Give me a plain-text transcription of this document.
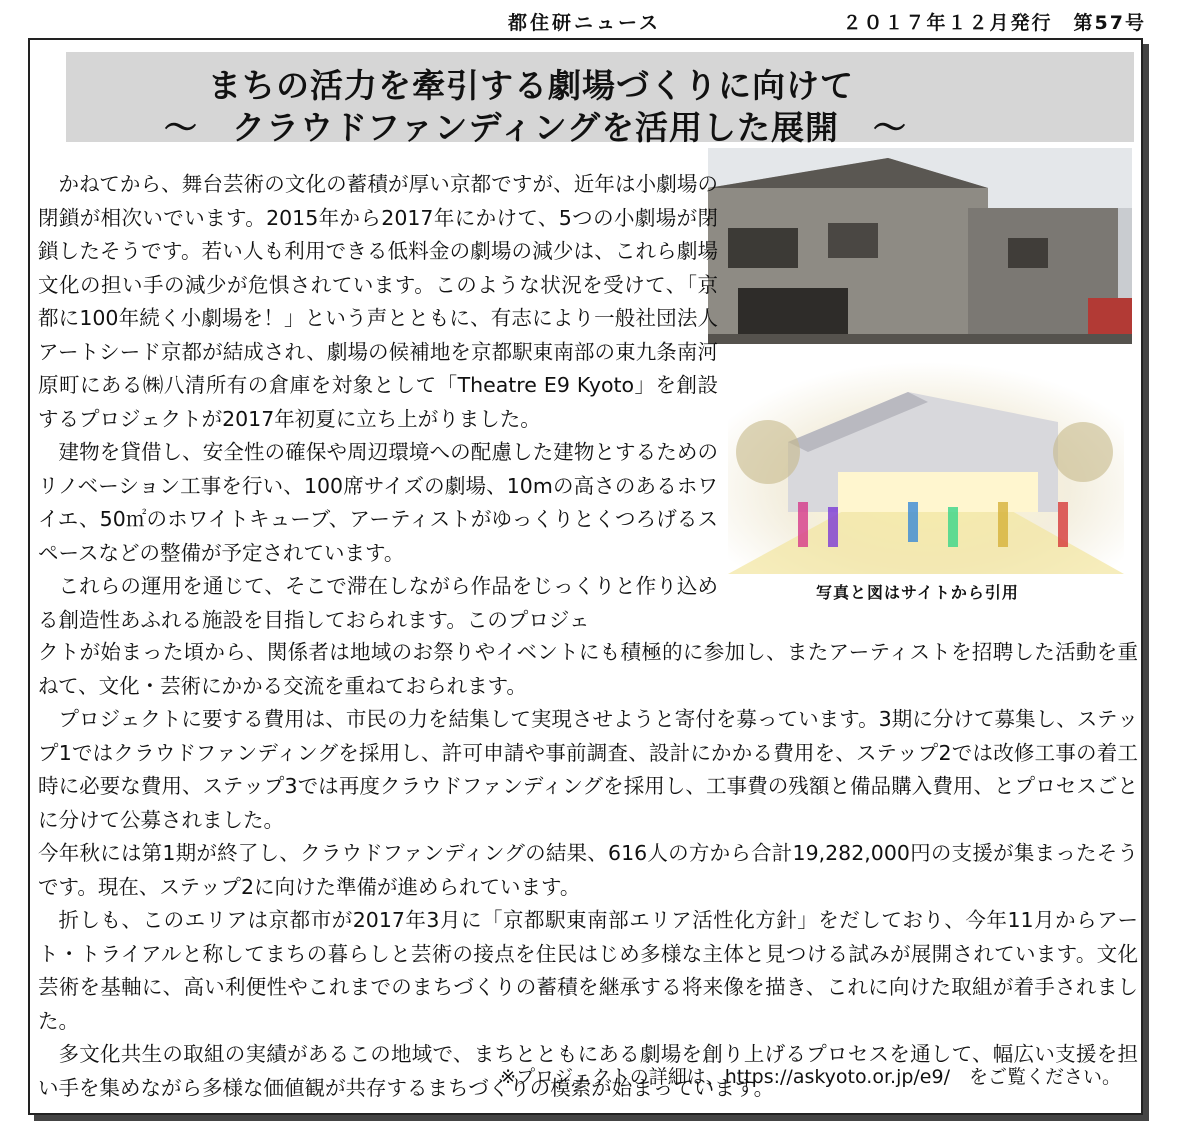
都住研ニュース	２０１７年１２月発行　第57号
まちの活力を牽引する劇場づくりに向けて
～　クラウドファンディングを活用した展開　～
写真と図はサイトから引用

かねてから、舞台芸術の文化の蓄積が厚い京都ですが、近年は小劇場の閉鎖が相次いでいます。2015年から2017年にかけて、5つの小劇場が閉鎖したそうです。若い人も利用できる低料金の劇場の減少は、これら劇場文化の担い手の減少が危惧されています。このような状況を受けて、「京都に100年続く小劇場を！」という声とともに、有志により一般社団法人アートシード京都が結成され、劇場の候補地を京都駅東南部の東九条南河原町にある㈱八清所有の倉庫を対象として「Theatre E9 Kyoto」を創設するプロジェクトが2017年初夏に立ち上がりました。

建物を貸借し、安全性の確保や周辺環境への配慮した建物とするためのリノベーション工事を行い、100席サイズの劇場、10mの高さのあるホワイエ、50㎡のホワイトキューブ、アーティストがゆっくりとくつろげるスペースなどの整備が予定されています。

これらの運用を通じて、そこで滞在しながら作品をじっくりと作り込める創造性あふれる施設を目指しておられます。このプロジェ

クトが始まった頃から、関係者は地域のお祭りやイベントにも積極的に参加し、またアーティストを招聘した活動を重ねて、文化・芸術にかかる交流を重ねておられます。

プロジェクトに要する費用は、市民の力を結集して実現させようと寄付を募っています。3期に分けて募集し、ステップ1ではクラウドファンディングを採用し、許可申請や事前調査、設計にかかる費用を、ステップ2では改修工事の着工時に必要な費用、ステップ3では再度クラウドファンディングを採用し、工事費の残額と備品購入費用、とプロセスごとに分けて公募されました。

今年秋には第1期が終了し、クラウドファンディングの結果、616人の方から合計19,282,000円の支援が集まったそうです。現在、ステップ2に向けた準備が進められています。

折しも、このエリアは京都市が2017年3月に「京都駅東南部エリア活性化方針」をだしており、今年11月からアート・トライアルと称してまちの暮らしと芸術の接点を住民はじめ多様な主体と見つける試みが展開されています。文化芸術を基軸に、高い利便性やこれまでのまちづくりの蓄積を継承する将来像を描き、これに向けた取組が着手されました。

多文化共生の取組の実績があるこの地域で、まちとともにある劇場を創り上げるプロセスを通して、幅広い支援を担い手を集めながら多様な価値観が共存するまちづくりの模索が始まっています。

※プロジェクトの詳細は、https://askyoto.or.jp/e9/　をご覧ください。
